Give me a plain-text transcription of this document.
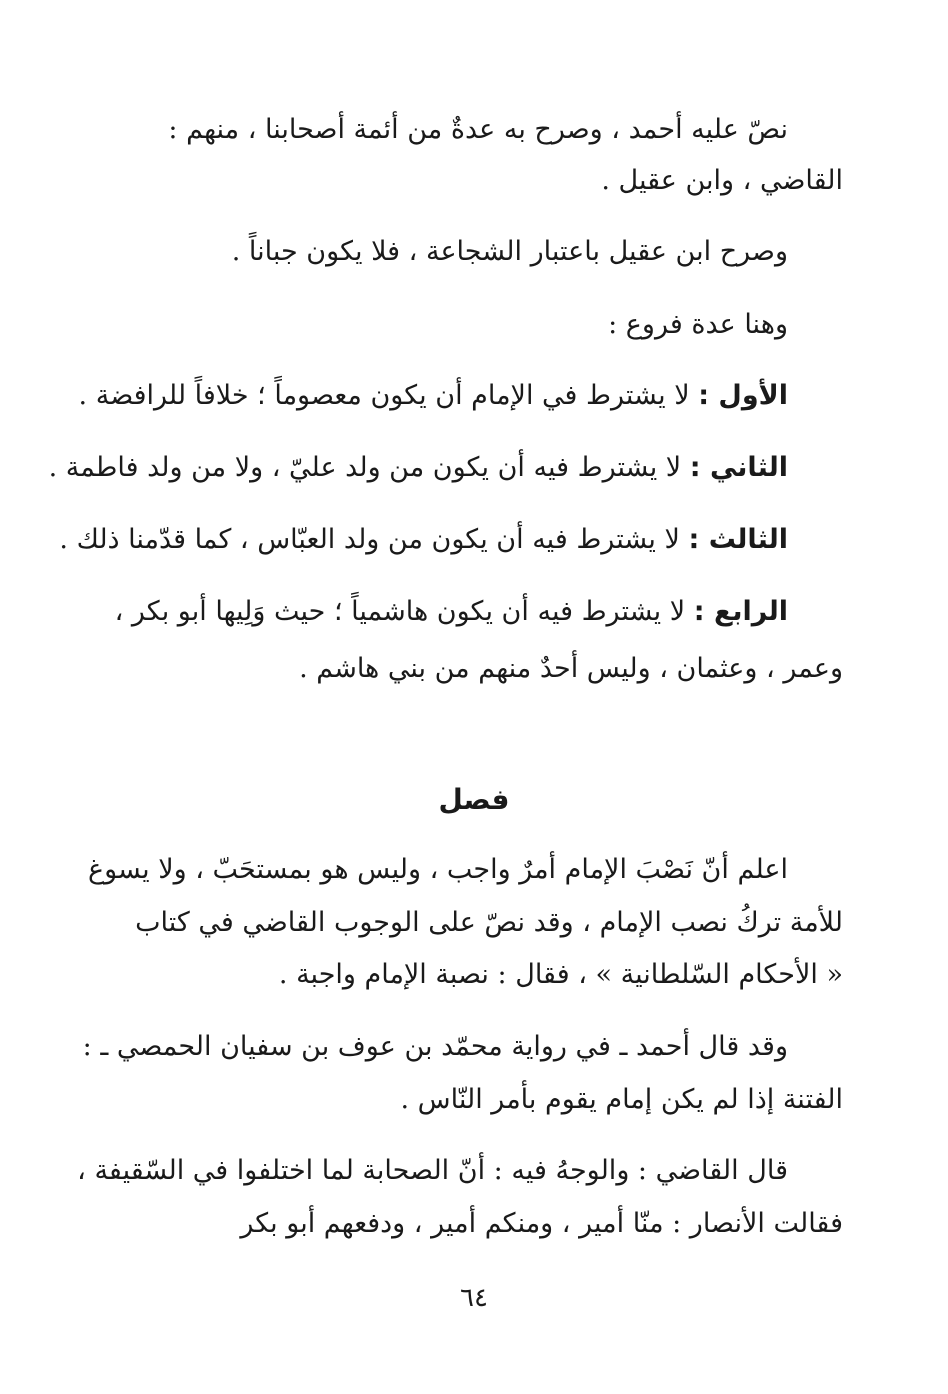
نصّ عليه أحمد ، وصرح به عدةٌ من أئمة أصحابنا ، منهم :
القاضي ، وابن عقيل .
وصرح ابن عقيل باعتبار الشجاعة ، فلا يكون جباناً .
وهنا عدة فروع :
الأول : لا يشترط في الإمام أن يكون معصوماً ؛ خلافاً للرافضة .
الثاني : لا يشترط فيه أن يكون من ولد عليّ ، ولا من ولد فاطمة .
الثالث : لا يشترط فيه أن يكون من ولد العبّاس ، كما قدّمنا ذلك .
الرابع : لا يشترط فيه أن يكون هاشمياً ؛ حيث وَلِيها أبو بكر ،
وعمر ، وعثمان ، وليس أحدٌ منهم من بني هاشم .
فصل
اعلم أنّ نَصْبَ الإمام أمرٌ واجب ، وليس هو بمستحَبّ ، ولا يسوغ
للأمة تركُ نصب الإمام ، وقد نصّ على الوجوب القاضي في كتاب
« الأحكام السّلطانية » ، فقال : نصبة الإمام واجبة .
وقد قال أحمد ـ في رواية محمّد بن عوف بن سفيان الحمصي ـ :
الفتنة إذا لم يكن إمام يقوم بأمر النّاس .
قال القاضي : والوجهُ فيه : أنّ الصحابة لما اختلفوا في السّقيفة ،
فقالت الأنصار : منّا أمير ، ومنكم أمير ، ودفعهم أبو بكر
٦٤
